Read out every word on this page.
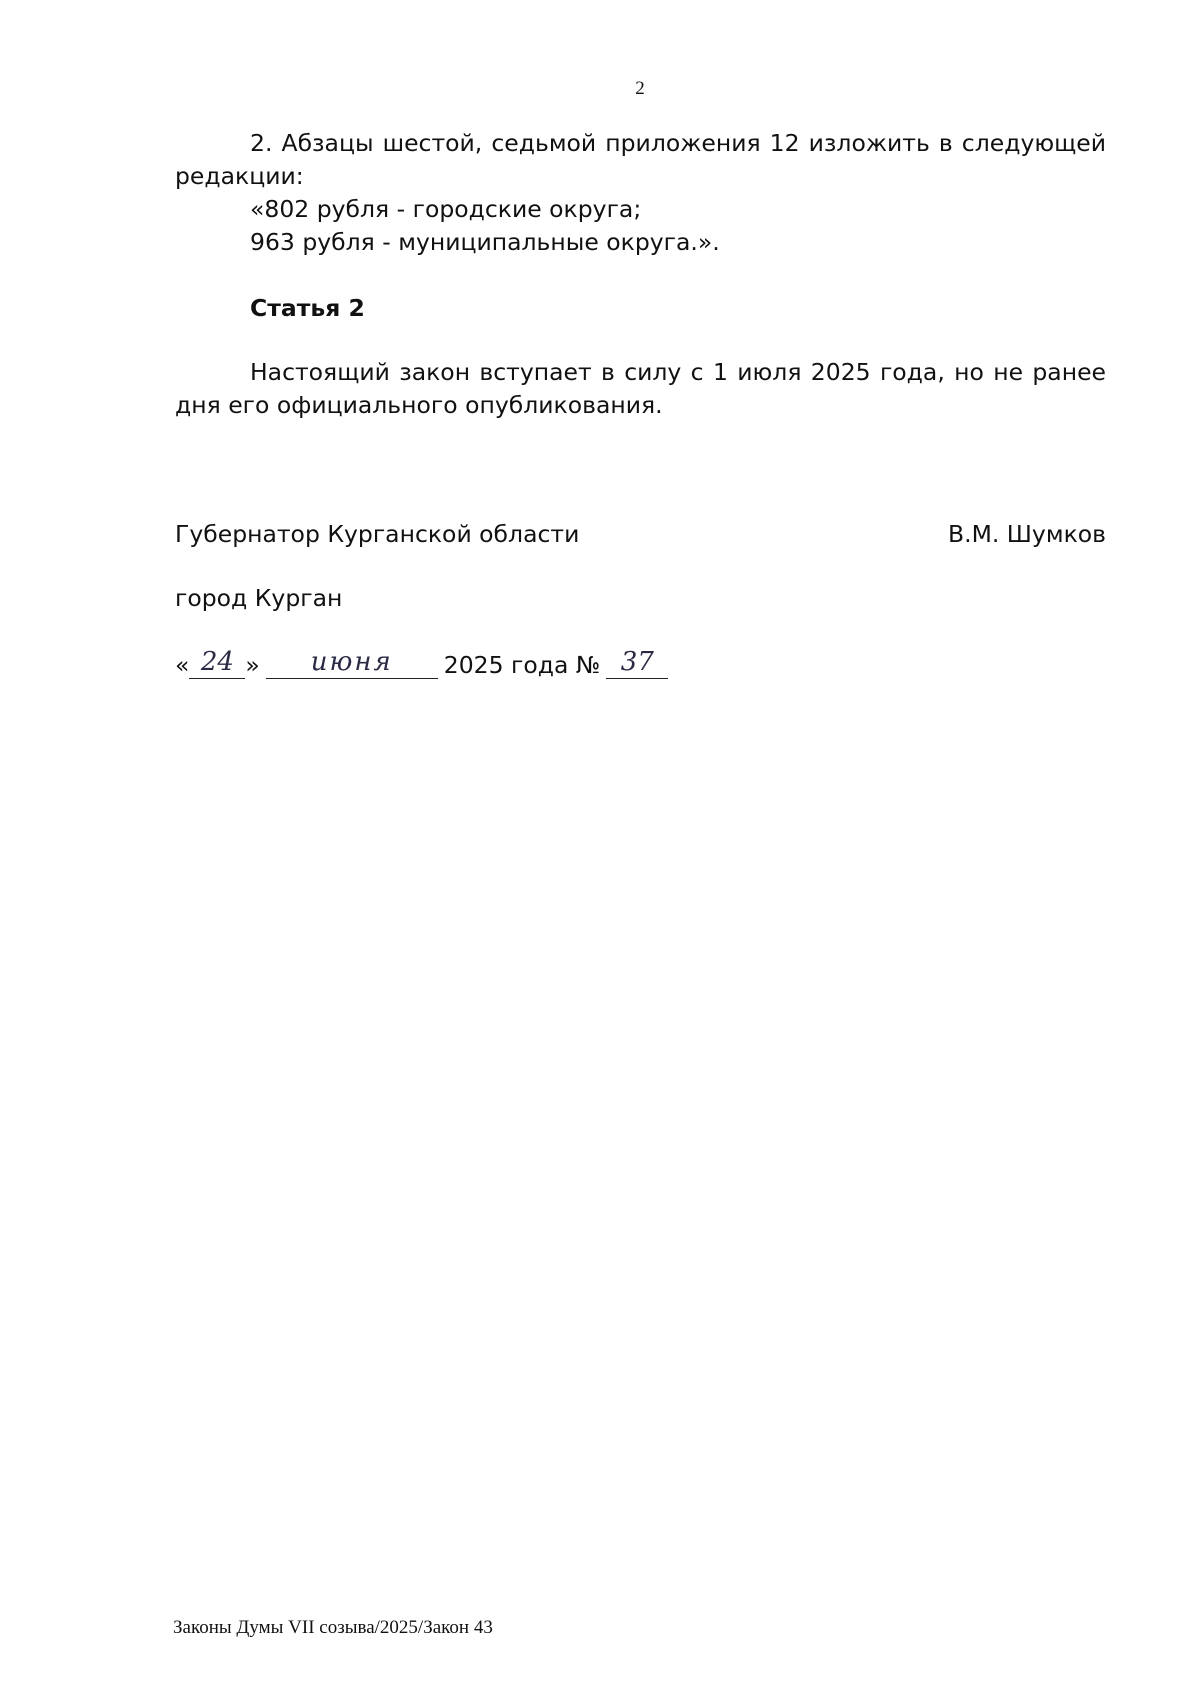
2

2. Абзацы шестой, седьмой приложения 12 изложить в следующей редакции:

«802 рубля - городские округа;

963 рубля - муниципальные округа.».

Статья 2

Настоящий закон вступает в силу с 1 июля 2025 года, но не ранее дня его официального опубликования.

Губернатор Курганской области	В.М. Шумков
город Курган
« 24 »	июня	2025 года № 37
Законы Думы VII созыва/2025/Закон 43
